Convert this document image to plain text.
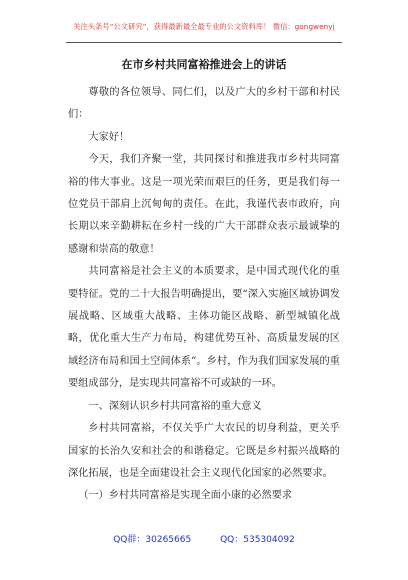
关注头条号“公文研究”，获得最新最全最专业的公文资料库！ 微信：gongwenyj
在市乡村共同富裕推进会上的讲话

尊敬的各位领导、同仁们，以及广大的乡村干部和村民们：

大家好！

今天，我们齐聚一堂，共同探讨和推进我市乡村共同富裕的伟大事业。这是一项光荣而艰巨的任务，更是我们每一位党员干部肩上沉甸甸的责任。在此，我谨代表市政府，向长期以来辛勤耕耘在乡村一线的广大干部群众表示最诚挚的感谢和崇高的敬意！

共同富裕是社会主义的本质要求，是中国式现代化的重要特征。党的二十大报告明确提出，要“深入实施区域协调发展战略、区域重大战略、主体功能区战略、新型城镇化战略，优化重大生产力布局，构建优势互补、高质量发展的区域经济布局和国土空间体系”。乡村，作为我们国家发展的重要组成部分，是实现共同富裕不可或缺的一环。

一、深刻认识乡村共同富裕的重大意义

乡村共同富裕，不仅关乎广大农民的切身利益，更关乎国家的长治久安和社会的和谐稳定。它既是乡村振兴战略的深化拓展，也是全面建设社会主义现代化国家的必然要求。

（一）乡村共同富裕是实现全面小康的必然要求

QQ群：30265665	QQ：535304092
